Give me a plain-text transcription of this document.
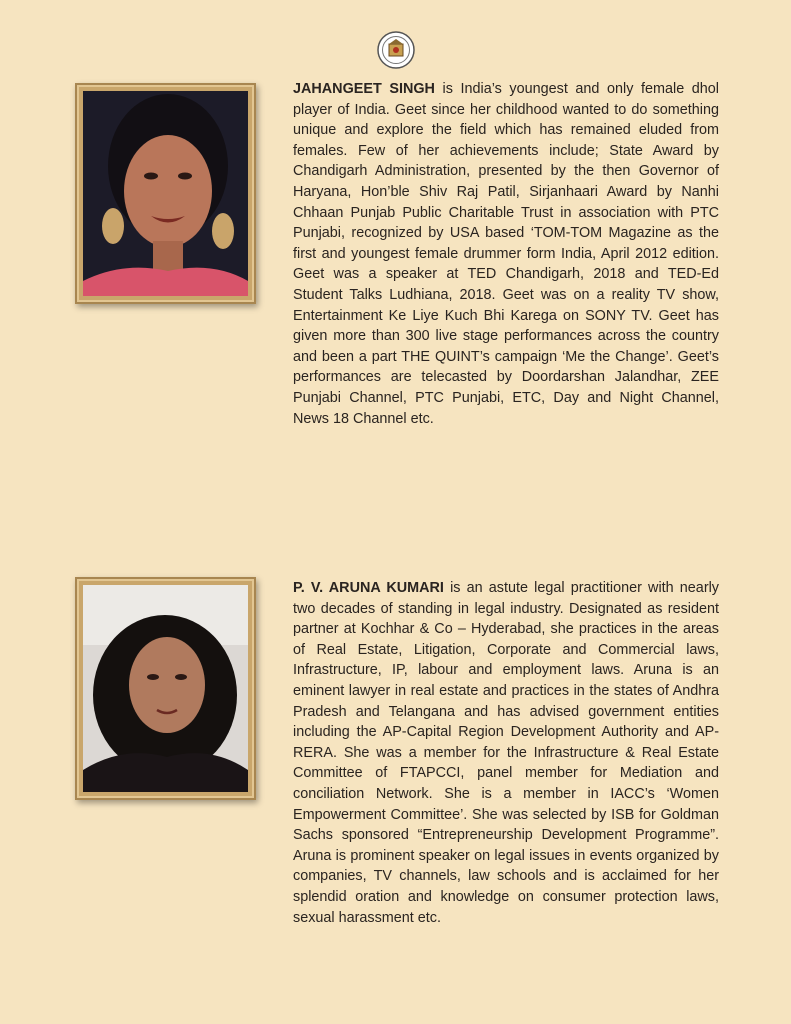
JAHANGEET SINGH is India’s youngest and only female dhol player of India. Geet since her childhood wanted to do something unique and explore the field which has remained eluded from females. Few of her achievements include; State Award by Chandigarh Administration, presented by the then Governor of Haryana, Hon’ble Shiv Raj Patil, Sirjanhaari Award by Nanhi Chhaan Punjab Public Charitable Trust in association with PTC Punjabi, recognized by USA based ‘TOM-TOM Magazine as the first and youngest female drummer form India, April 2012 edition. Geet was a speaker at TED Chandigarh, 2018 and TED-Ed Student Talks Ludhiana, 2018. Geet was on a reality TV show, Entertainment Ke Liye Kuch Bhi Karega on SONY TV. Geet has given more than 300 live stage performances across the country and been a part THE QUINT’s campaign ‘Me the Change’. Geet’s performances are telecasted by Doordarshan Jalandhar, ZEE Punjabi Channel, PTC Punjabi, ETC, Day and Night Channel, News 18 Channel etc.

P. V. ARUNA KUMARI is an astute legal practitioner with nearly two decades of standing in legal industry. Designated as resident partner at Kochhar & Co – Hyderabad, she practices in the areas of Real Estate, Litigation, Corporate and Commercial laws, Infrastructure, IP, labour and employment laws. Aruna is an eminent lawyer in real estate and practices in the states of Andhra Pradesh and Telangana and has advised government entities including the AP-Capital Region Development Authority and AP-RERA. She was a member for the Infrastructure & Real Estate Committee of FTAPCCI, panel member for Mediation and conciliation Network. She is a member in IACC’s ‘Women Empowerment Committee’. She was selected by ISB for Goldman Sachs sponsored “Entrepreneurship Development Programme”. Aruna is prominent speaker on legal issues in events organized by companies, TV channels, law schools and is acclaimed for her splendid oration and knowledge on consumer protection laws, sexual harassment etc.
